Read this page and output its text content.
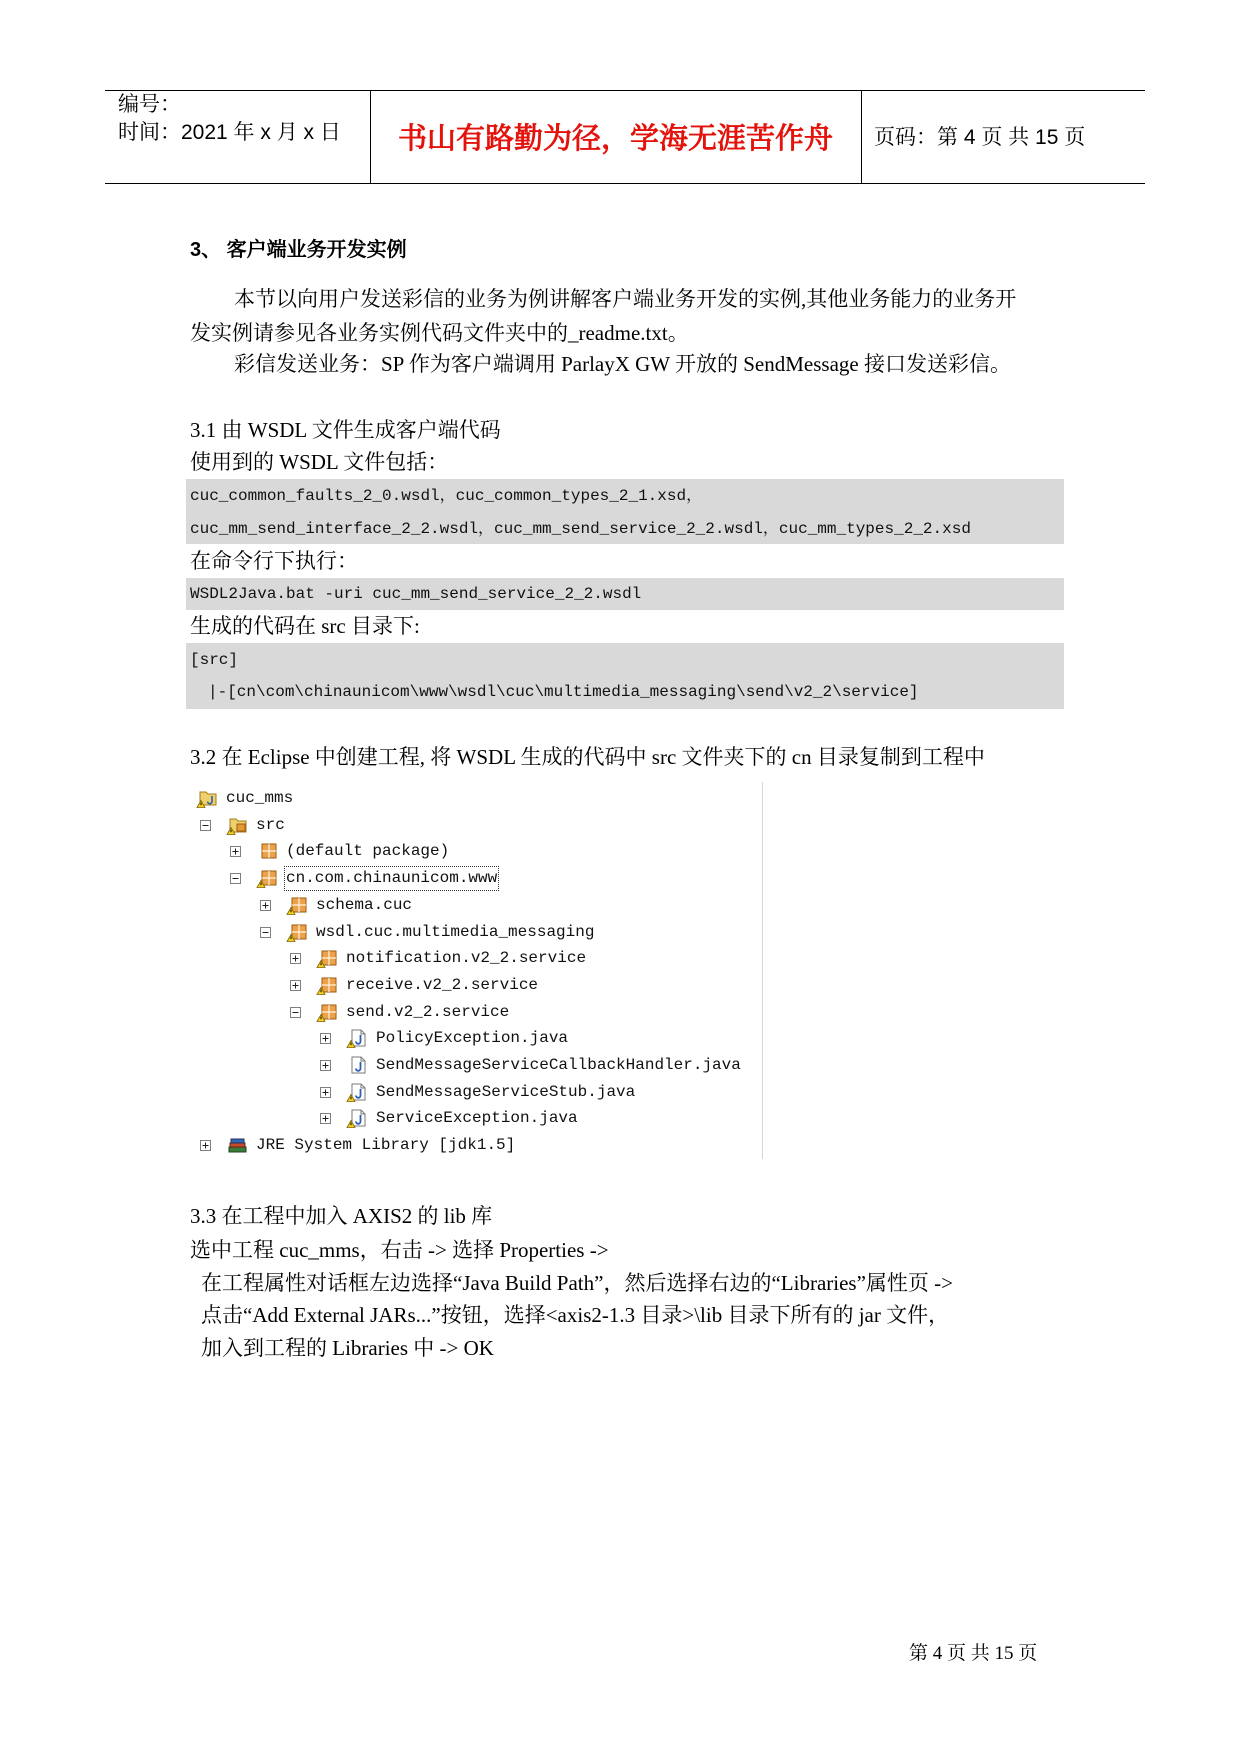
编号：
时间：2021 年 x 月 x 日	书山有路勤为径，学海无涯苦作舟	页码：第 4 页 共 15 页
3、 客户端业务开发实例
本节以向用户发送彩信的业务为例讲解客户端业务开发的实例,其他业务能力的业务开
发实例请参见各业务实例代码文件夹中的_readme.txt。
彩信发送业务：SP 作为客户端调用 ParlayX GW 开放的 SendMessage 接口发送彩信。
3.1 由 WSDL 文件生成客户端代码
使用到的 WSDL 文件包括：
cuc_common_faults_2_0.wsdl，cuc_common_types_2_1.xsd，
cuc_mm_send_interface_2_2.wsdl，cuc_mm_send_service_2_2.wsdl，cuc_mm_types_2_2.xsd
在命令行下执行：
WSDL2Java.bat -uri cuc_mm_send_service_2_2.wsdl
生成的代码在 src 目录下:
[src]
|-[cn\com\chinaunicom\www\wsdl\cuc\multimedia_messaging\send\v2_2\service]
3.2 在 Eclipse 中创建工程, 将 WSDL 生成的代码中 src 文件夹下的 cn 目录复制到工程中
cuc_mms
src
(default package)
cn.com.chinaunicom.www
schema.cuc
wsdl.cuc.multimedia_messaging
notification.v2_2.service
receive.v2_2.service
send.v2_2.service
PolicyException.java
SendMessageServiceCallbackHandler.java
SendMessageServiceStub.java
ServiceException.java
JRE System Library [jdk1.5]
3.3 在工程中加入 AXIS2 的 lib 库
选中工程 cuc_mms，右击 -> 选择 Properties ->
在工程属性对话框左边选择“Java Build Path”，然后选择右边的“Libraries”属性页 ->
点击“Add External JARs...”按钮，选择<axis2-1.3 目录>\lib 目录下所有的 jar 文件，
加入到工程的 Libraries 中 -> OK
第 4 页 共 15 页
